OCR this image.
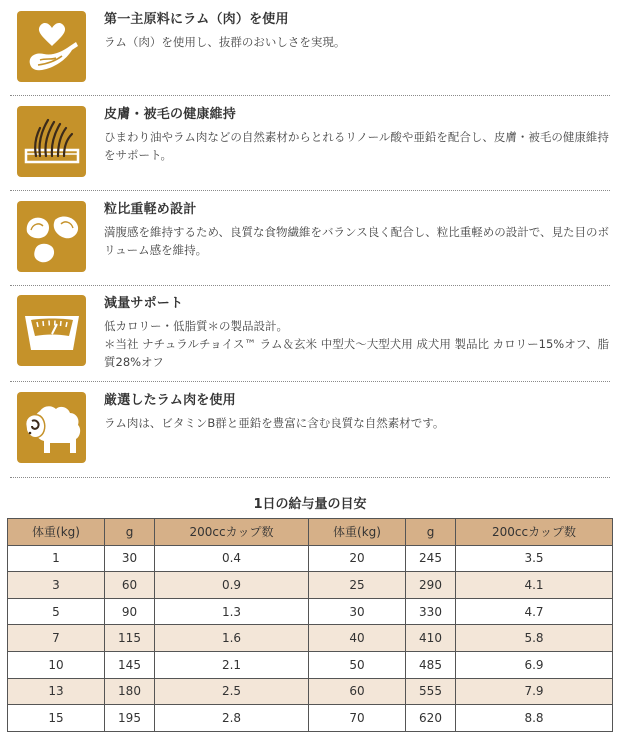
第一主原料にラム（肉）を使用
ラム（肉）を使用し、抜群のおいしさを実現。
皮膚・被毛の健康維持
ひまわり油やラム肉などの自然素材からとれるリノール酸や亜鉛を配合し、皮膚・被毛の健康維持をサポート。
粒比重軽め設計
満腹感を維持するため、良質な食物繊維をバランス良く配合し、粒比重軽めの設計で、見た目のボリューム感を維持。
減量サポート
低カロリー・低脂質＊の製品設計。
＊当社 ナチュラルチョイス™ ラム＆玄米 中型犬～大型犬用 成犬用 製品比 カロリー15%オフ、脂質28%オフ
厳選したラム肉を使用
ラム肉は、ビタミンB群と亜鉛を豊富に含む良質な自然素材です。
1日の給与量の目安
体重(kg)	g	200ccカップ数	体重(kg)	g	200ccカップ数
1	30	0.4	20	245	3.5
3	60	0.9	25	290	4.1
5	90	1.3	30	330	4.7
7	115	1.6	40	410	5.8
10	145	2.1	50	485	6.9
13	180	2.5	60	555	7.9
15	195	2.8	70	620	8.8
